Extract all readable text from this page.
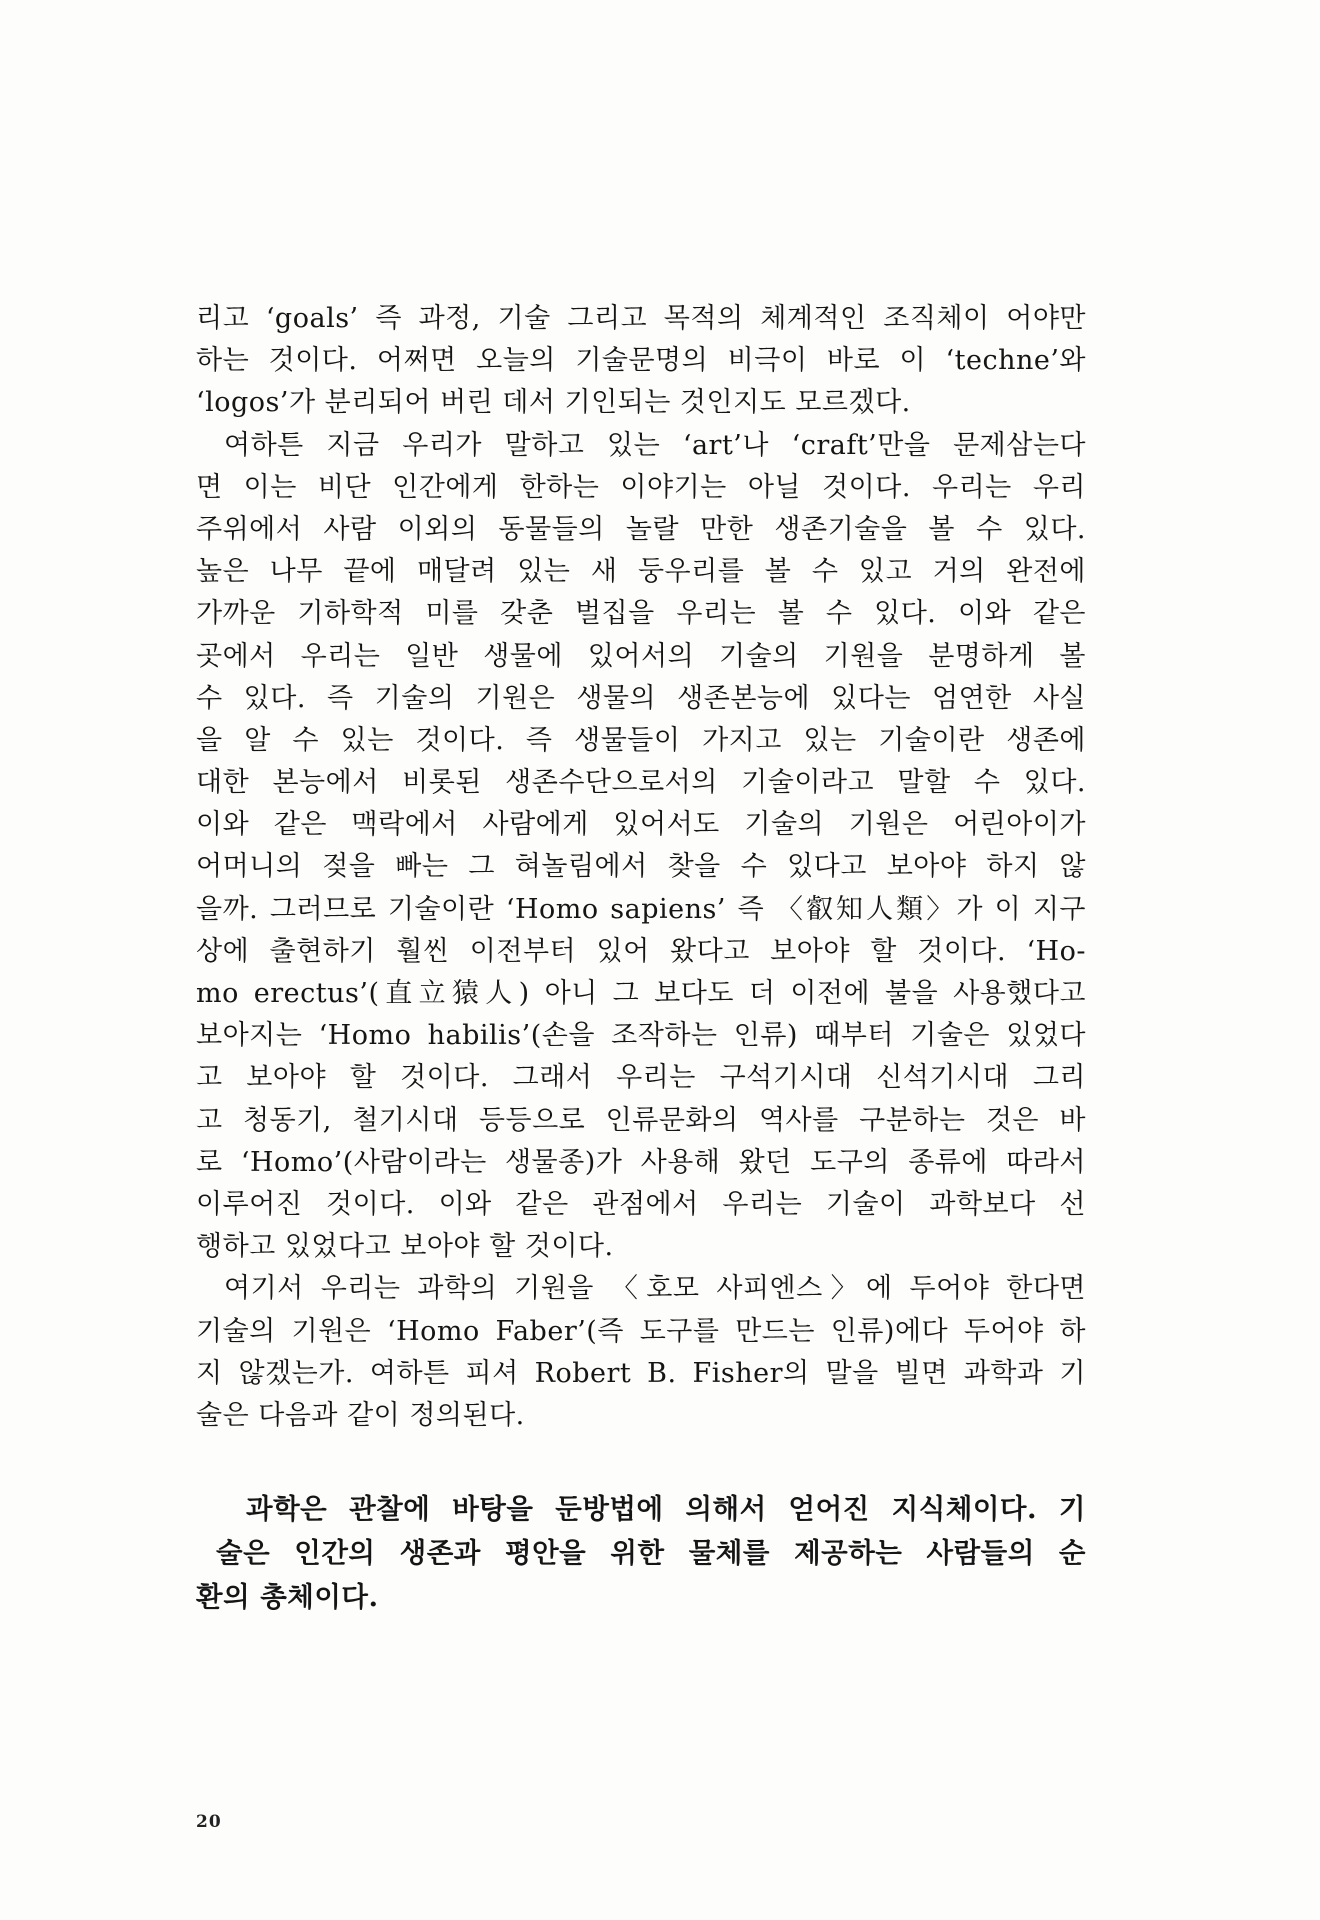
리고 ‘goals’ 즉 과정, 기술 그리고 목적의 체계적인 조직체이 어야만
하는 것이다. 어쩌면 오늘의 기술문명의 비극이 바로 이 ‘techne’와
‘logos’가 분리되어 버린 데서 기인되는 것인지도 모르겠다.
여하튼 지금 우리가 말하고 있는 ‘art’나 ‘craft’만을 문제삼는다
면 이는 비단 인간에게 한하는 이야기는 아닐 것이다. 우리는 우리
주위에서 사람 이외의 동물들의 놀랄 만한 생존기술을 볼 수 있다.
높은 나무 끝에 매달려 있는 새 둥우리를 볼 수 있고 거의 완전에
가까운 기하학적 미를 갖춘 벌집을 우리는 볼 수 있다. 이와 같은
곳에서 우리는 일반 생물에 있어서의 기술의 기원을 분명하게 볼
수 있다. 즉 기술의 기원은 생물의 생존본능에 있다는 엄연한 사실
을 알 수 있는 것이다. 즉 생물들이 가지고 있는 기술이란 생존에
대한 본능에서 비롯된 생존수단으로서의 기술이라고 말할 수 있다.
이와 같은 맥락에서 사람에게 있어서도 기술의 기원은 어린아이가
어머니의 젖을 빠는 그 혀놀림에서 찾을 수 있다고 보아야 하지 않
을까. 그러므로 기술이란 ‘Homo sapiens’ 즉 〈叡知人類〉가 이 지구
상에 출현하기 훨씬 이전부터 있어 왔다고 보아야 할 것이다. ‘Ho-
mo erectus’(直立猿人) 아니 그 보다도 더 이전에 불을 사용했다고
보아지는 ‘Homo habilis’(손을 조작하는 인류) 때부터 기술은 있었다
고 보아야 할 것이다. 그래서 우리는 구석기시대 신석기시대 그리
고 청동기, 철기시대 등등으로 인류문화의 역사를 구분하는 것은 바
로 ‘Homo’(사람이라는 생물종)가 사용해 왔던 도구의 종류에 따라서
이루어진 것이다. 이와 같은 관점에서 우리는 기술이 과학보다 선
행하고 있었다고 보아야 할 것이다.
여기서 우리는 과학의 기원을 〈호모 사피엔스〉에 두어야 한다면
기술의 기원은 ‘Homo Faber’(즉 도구를 만드는 인류)에다 두어야 하
지 않겠는가. 여하튼 피셔 Robert B. Fisher의 말을 빌면 과학과 기
술은 다음과 같이 정의된다.
과학은 관찰에 바탕을 둔방법에 의해서 얻어진 지식체이다. 기
술은 인간의 생존과 평안을 위한 물체를 제공하는 사람들의 순
환의 총체이다.
20
